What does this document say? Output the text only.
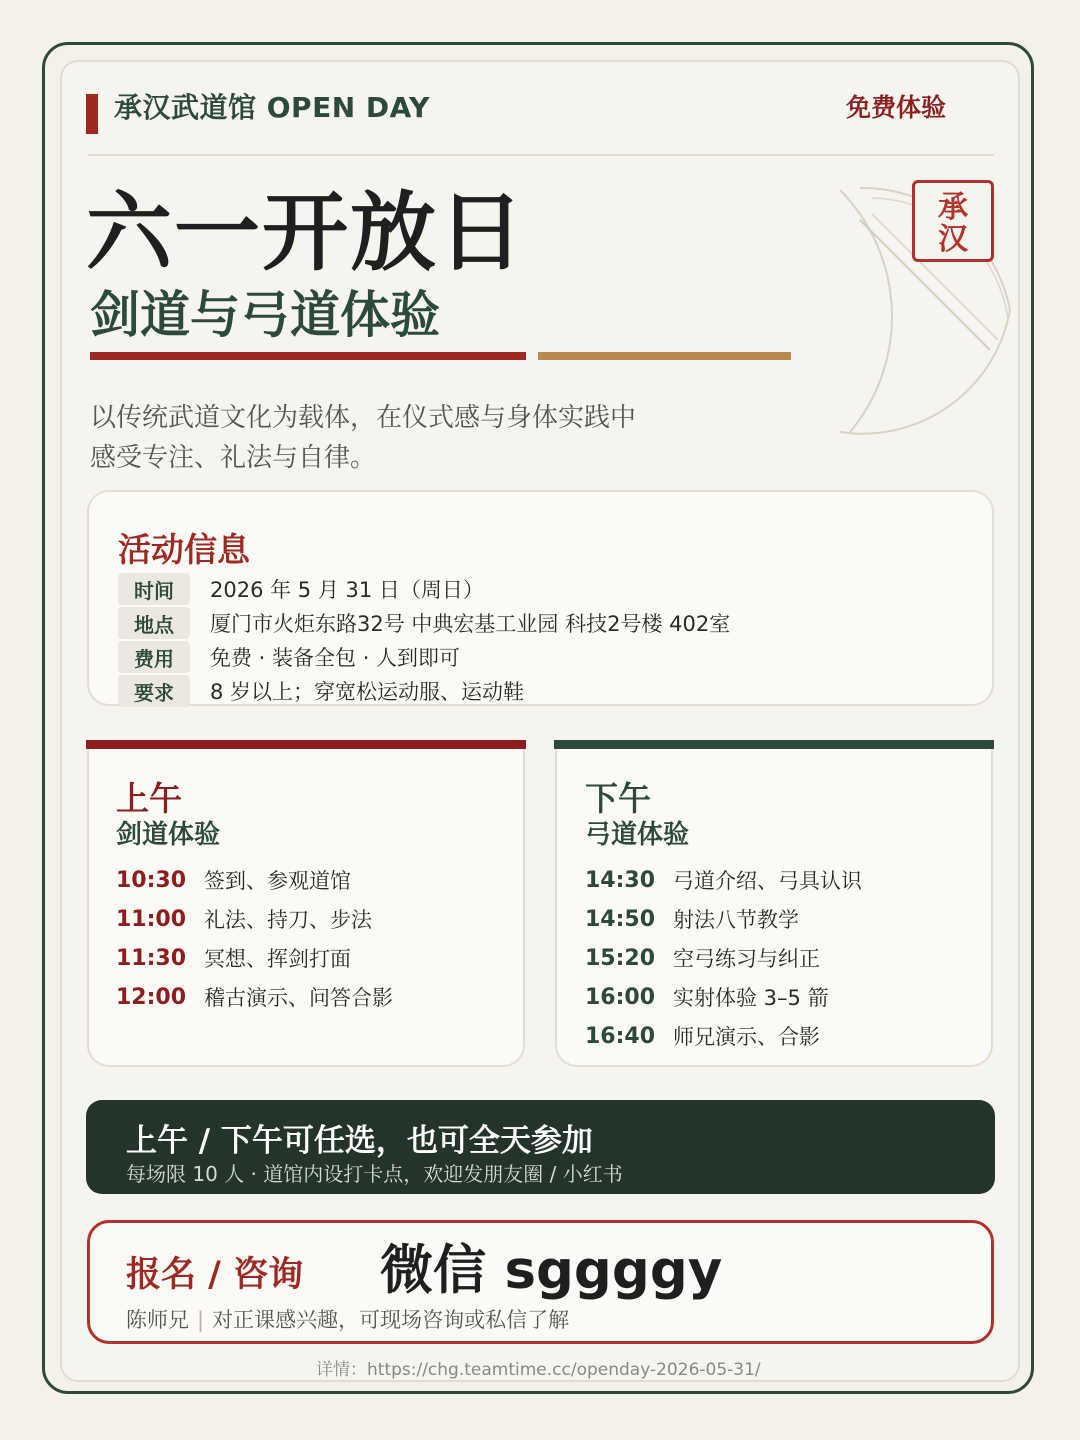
承汉武道馆 OPEN DAY	免费体验
承
汉
六一开放日
剑道与弓道体验
以传统武道文化为载体，在仪式感与身体实践中
感受专注、礼法与自律。
活动信息
时间	2026 年 5 月 31 日（周日）
地点	厦门市火炬东路32号 中典宏基工业园 科技2号楼 402室
费用	免费 · 装备全包 · 人到即可
要求	8 岁以上；穿宽松运动服、运动鞋
上午
剑道体验
10:30 签到、参观道馆
11:00 礼法、持刀、步法
11:30 冥想、挥剑打面
12:00 稽古演示、问答合影
下午
弓道体验
14:30 弓道介绍、弓具认识
14:50 射法八节教学
15:20 空弓练习与纠正
16:00 实射体验 3–5 箭
16:40 师兄演示、合影
上午 / 下午可任选，也可全天参加
每场限 10 人 · 道馆内设打卡点，欢迎发朋友圈 / 小红书
报名 / 咨询 微信 sggggy
陈师兄 | 对正课感兴趣，可现场咨询或私信了解
详情：https://chg.teamtime.cc/openday-2026-05-31/
